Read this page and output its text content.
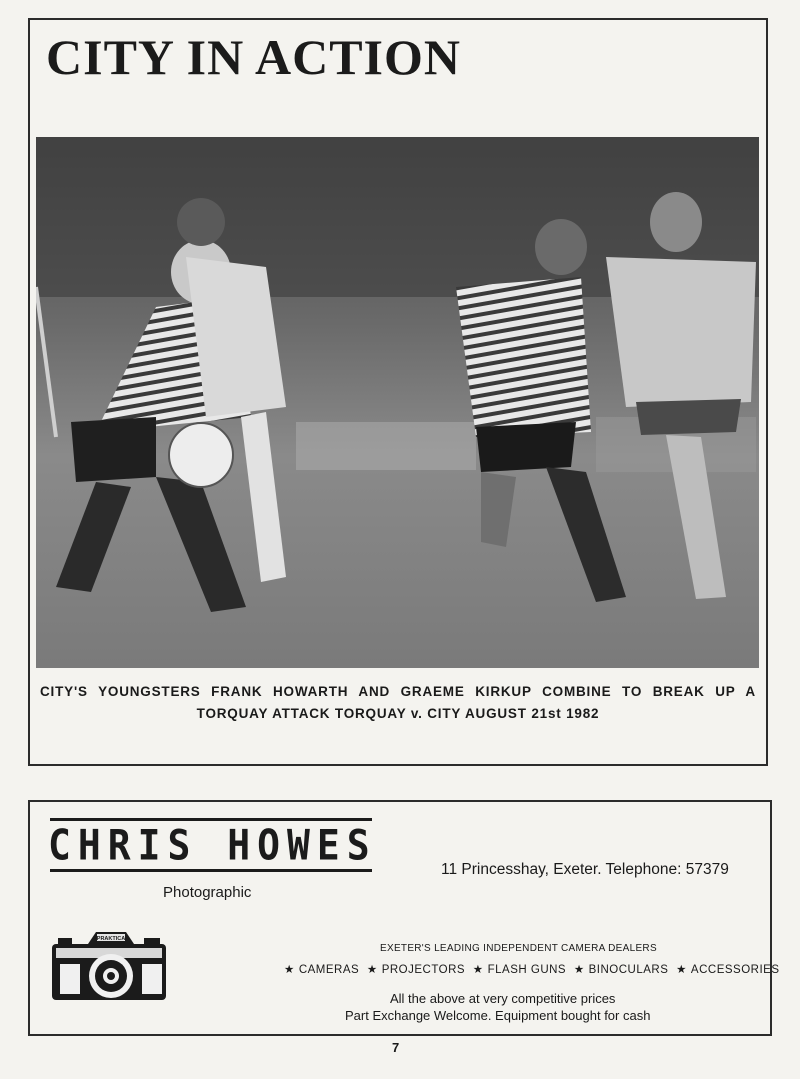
CITY IN ACTION

CITY'S YOUNGSTERS FRANK HOWARTH AND GRAEME KIRKUP COMBINE TO BREAK UP A
TORQUAY ATTACK TORQUAY v. CITY AUGUST 21st 1982

CHRIS HOWES
Photographic
11 Princesshay, Exeter. Telephone: 57379
PRAKTICA
EXETER'S LEADING INDEPENDENT CAMERA DEALERS
★ CAMERAS ★ PROJECTORS ★ FLASH GUNS ★ BINOCULARS ★ ACCESSORIES
All the above at very competitive prices
Part Exchange Welcome. Equipment bought for cash
7
